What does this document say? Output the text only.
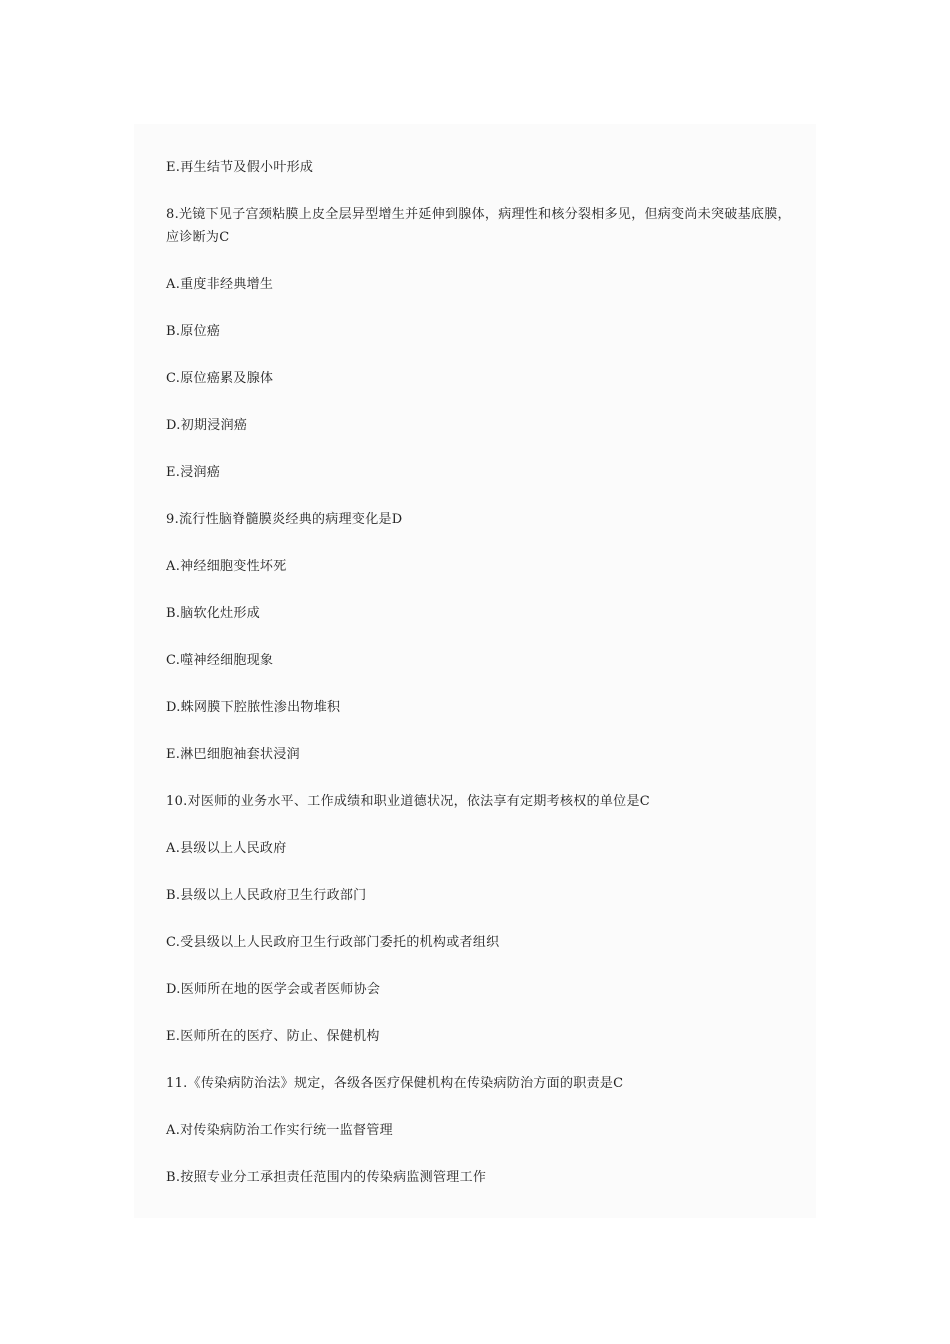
E.再生结节及假小叶形成

8.光镜下见子宫颈粘膜上皮全层异型增生并延伸到腺体，病理性和核分裂相多见，但病变尚未突破基底膜，应诊断为C

A.重度非经典增生

B.原位癌

C.原位癌累及腺体

D.初期浸润癌

E.浸润癌

9.流行性脑脊髓膜炎经典的病理变化是D

A.神经细胞变性坏死

B.脑软化灶形成

C.噬神经细胞现象

D.蛛网膜下腔脓性渗出物堆积

E.淋巴细胞袖套状浸润

10.对医师的业务水平、工作成绩和职业道德状况，依法享有定期考核权的单位是C

A.县级以上人民政府

B.县级以上人民政府卫生行政部门

C.受县级以上人民政府卫生行政部门委托的机构或者组织

D.医师所在地的医学会或者医师协会

E.医师所在的医疗、防止、保健机构

11.《传染病防治法》规定，各级各医疗保健机构在传染病防治方面的职责是C

A.对传染病防治工作实行统一监督管理

B.按照专业分工承担责任范围内的传染病监测管理工作
